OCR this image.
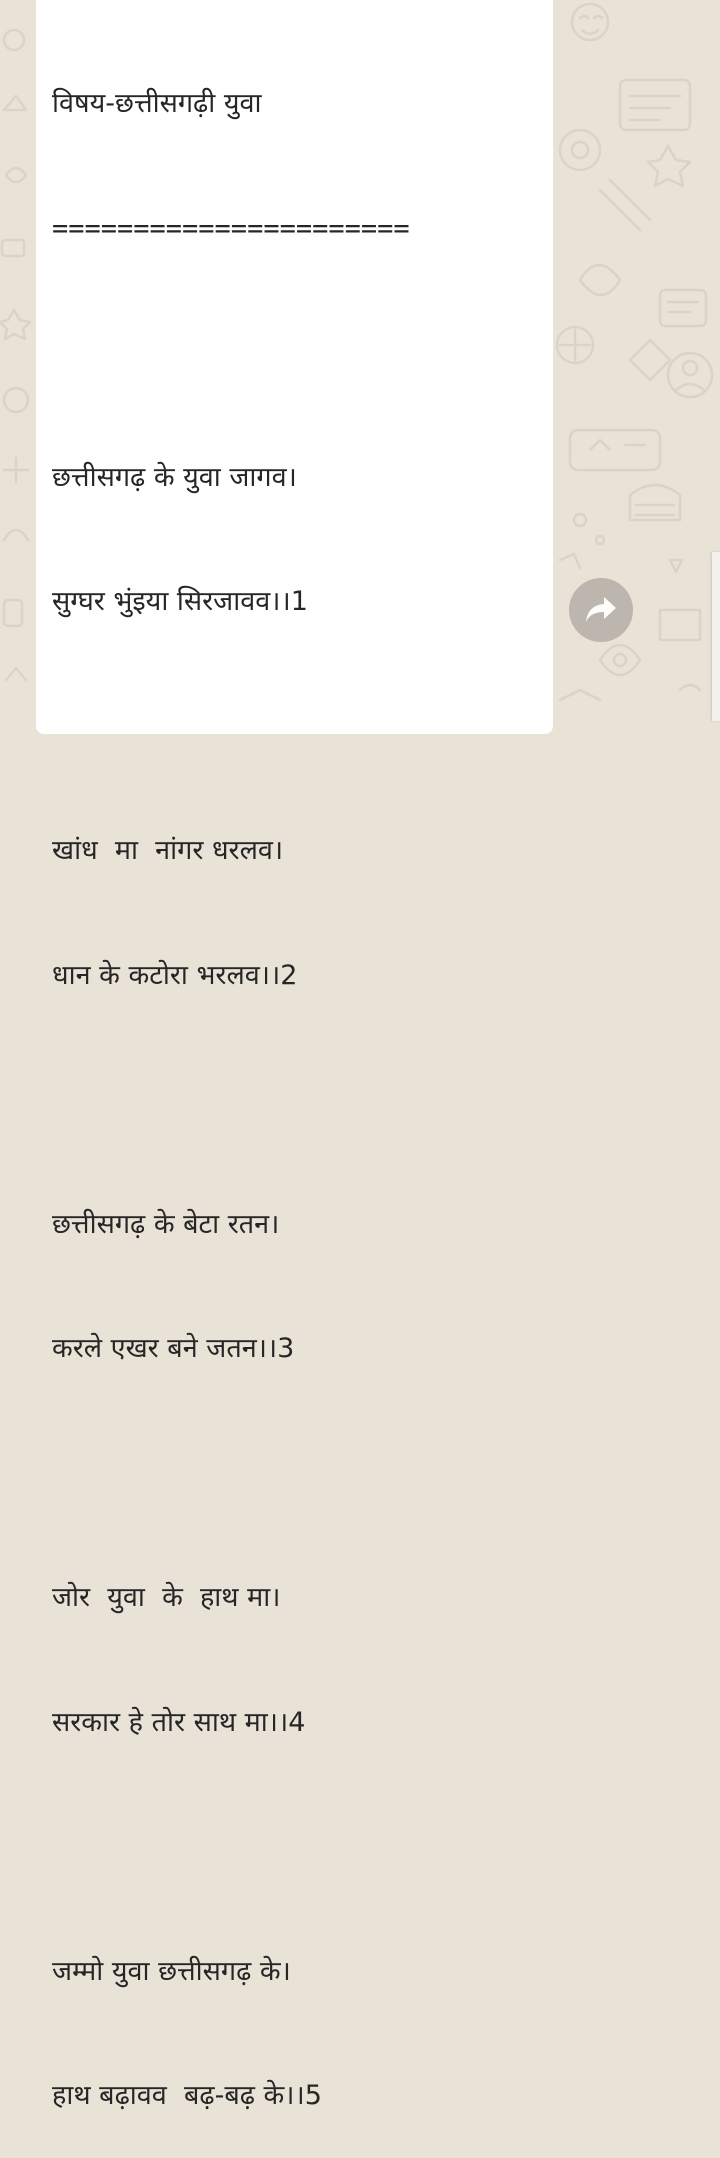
विषय-छत्तीसगढ़ी युवा

======================

छत्तीसगढ़ के युवा जागव।

सुग्घर भुंइया सिरजावव।।1

खांध  मा  नांगर धरलव।

धान के कटोरा भरलव।।2

छत्तीसगढ़ के बेटा रतन।

करले एखर बने जतन।।3

जोर  युवा  के  हाथ मा।

सरकार हे तोर साथ मा।।4

जम्मो युवा छत्तीसगढ़ के।

हाथ बढ़ावव  बढ़-बढ़ के।।5
